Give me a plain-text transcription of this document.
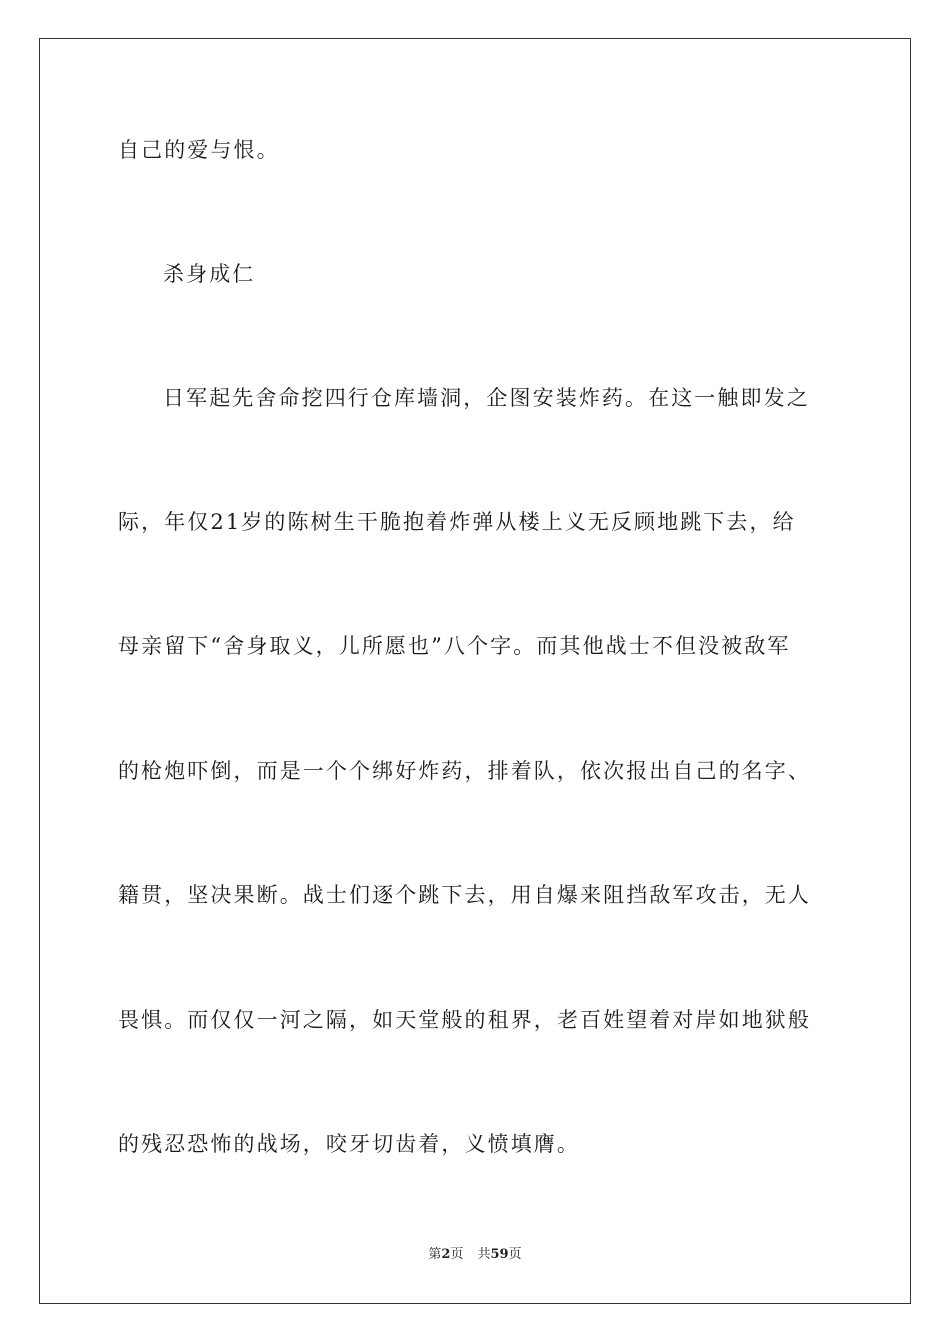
自己的爱与恨。
杀身成仁
日军起先舍命挖四行仓库墙洞，企图安装炸药。在这一触即发之
际，年仅21岁的陈树生干脆抱着炸弹从楼上义无反顾地跳下去，给
母亲留下“舍身取义，儿所愿也”八个字。而其他战士不但没被敌军
的枪炮吓倒，而是一个个绑好炸药，排着队，依次报出自己的名字、
籍贯，坚决果断。战士们逐个跳下去，用自爆来阻挡敌军攻击，无人
畏惧。而仅仅一河之隔，如天堂般的租界，老百姓望着对岸如地狱般
的残忍恐怖的战场，咬牙切齿着，义愤填膺。
第2页 共59页
